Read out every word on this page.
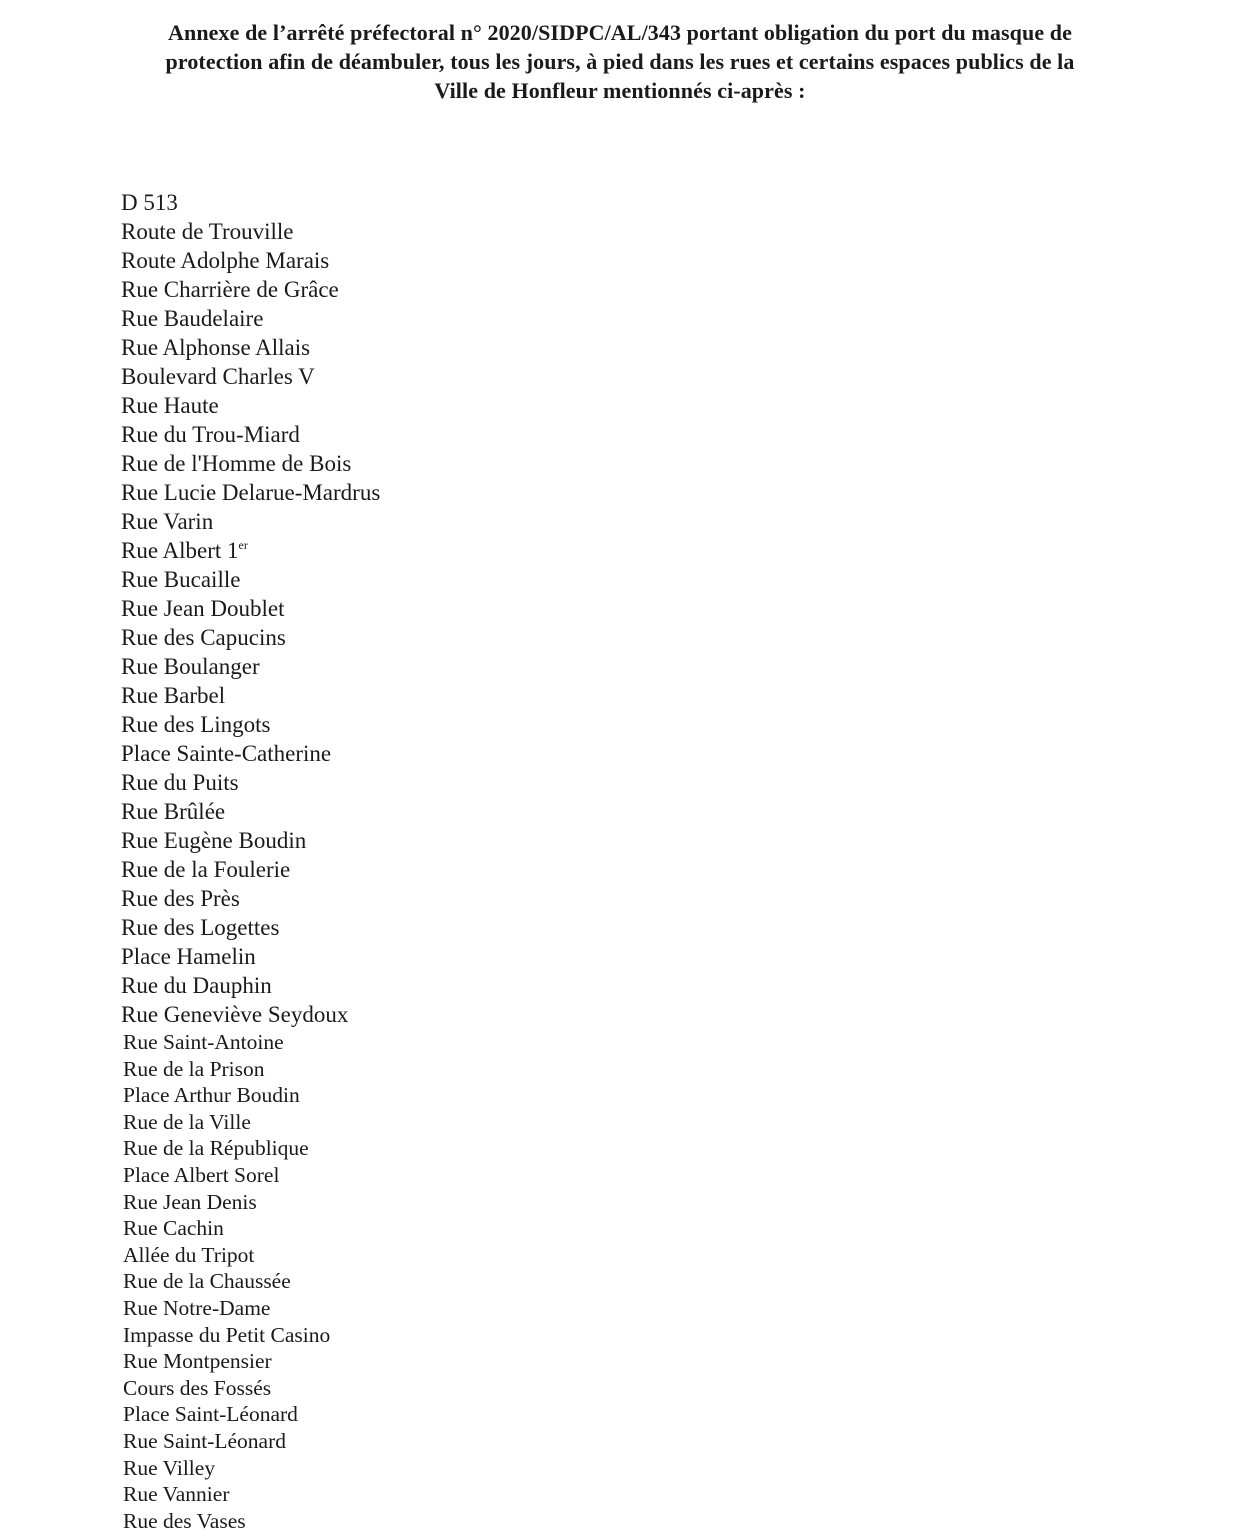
Annexe de l’arrêté préfectoral n° 2020/SIDPC/AL/343 portant obligation du port du masque de
protection afin de déambuler, tous les jours, à pied dans les rues et certains espaces publics de la
Ville de Honfleur mentionnés ci-après :
D 513
Route de Trouville
Route Adolphe Marais
Rue Charrière de Grâce
Rue Baudelaire
Rue Alphonse Allais
Boulevard Charles V
Rue Haute
Rue du Trou-Miard
Rue de l'Homme de Bois
Rue Lucie Delarue-Mardrus
Rue Varin
Rue Albert 1er
Rue Bucaille
Rue Jean Doublet
Rue des Capucins
Rue Boulanger
Rue Barbel
Rue des Lingots
Place Sainte-Catherine
Rue du Puits
Rue Brûlée
Rue Eugène Boudin
Rue de la Foulerie
Rue des Près
Rue des Logettes
Place Hamelin
Rue du Dauphin
Rue Geneviève Seydoux
Rue Saint-Antoine
Rue de la Prison
Place Arthur Boudin
Rue de la Ville
Rue de la République
Place Albert Sorel
Rue Jean Denis
Rue Cachin
Allée du Tripot
Rue de la Chaussée
Rue Notre-Dame
Impasse du Petit Casino
Rue Montpensier
Cours des Fossés
Place Saint-Léonard
Rue Saint-Léonard
Rue Villey
Rue Vannier
Rue des Vases
